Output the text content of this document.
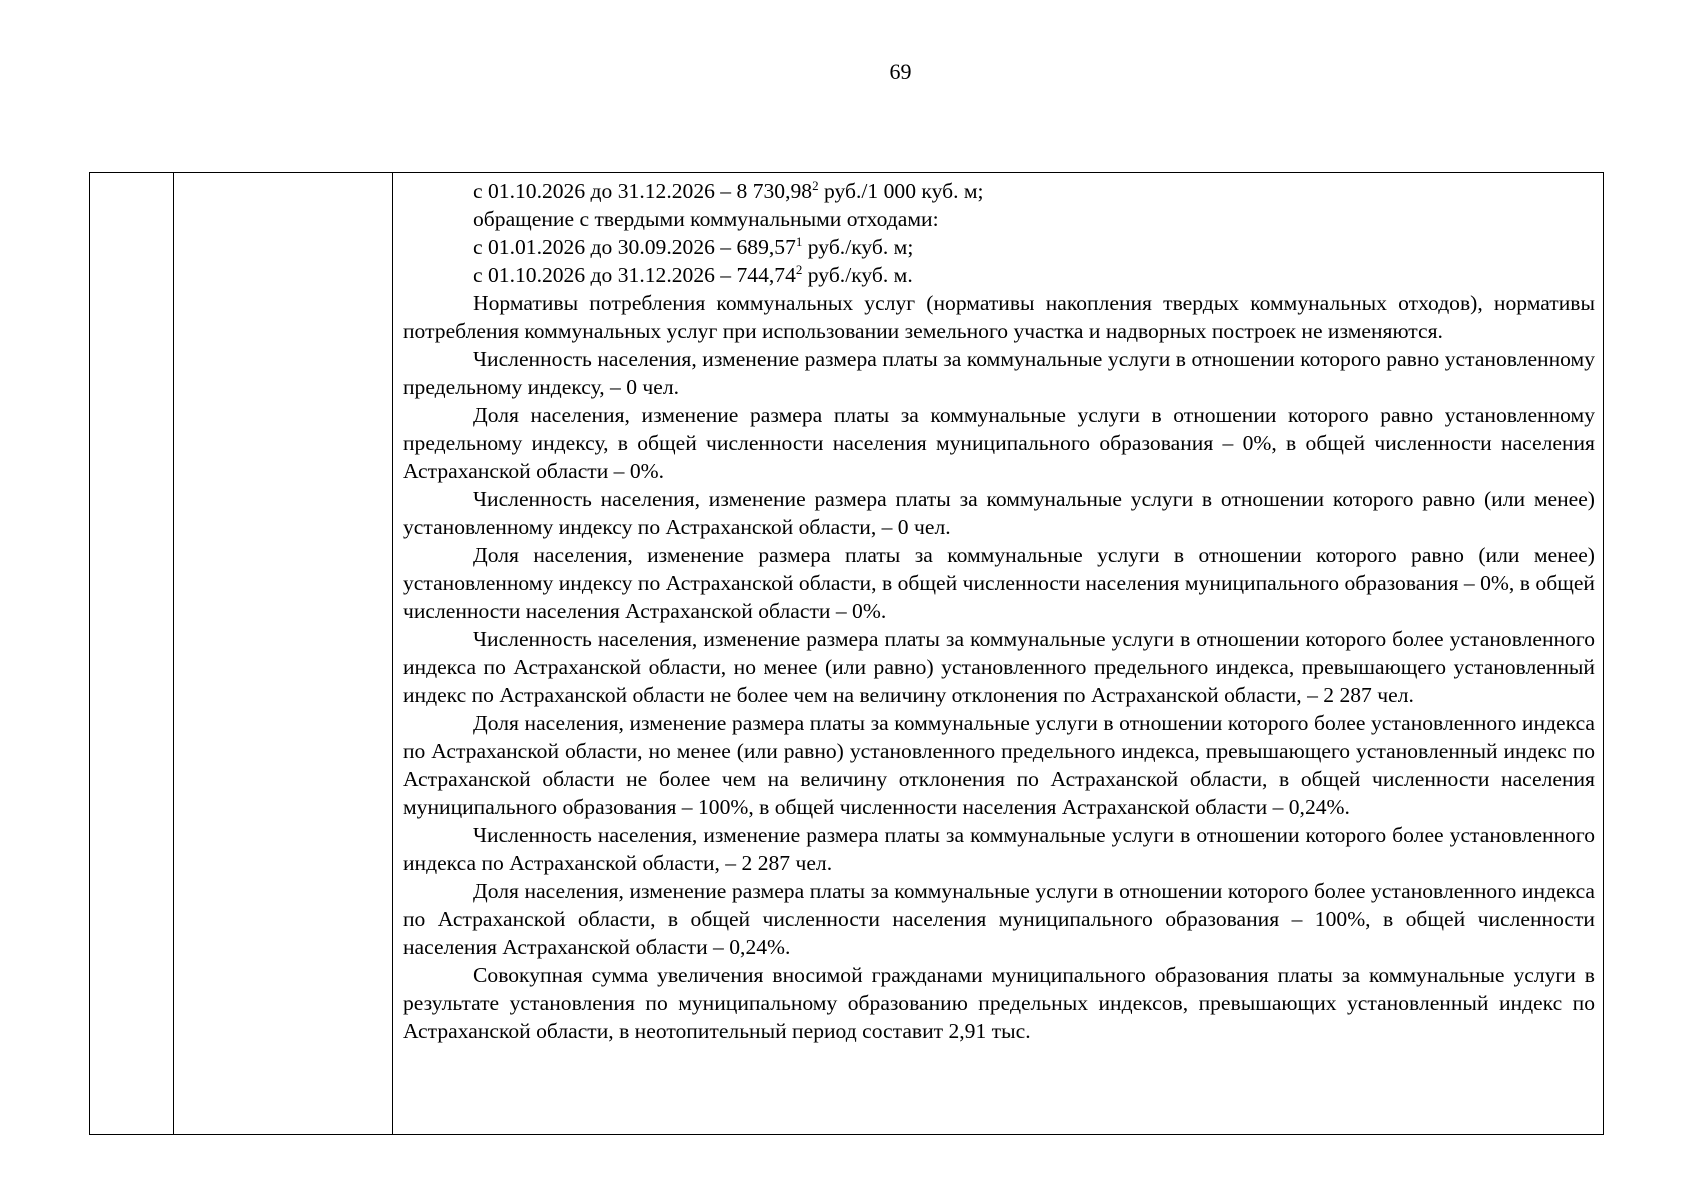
69

с 01.10.2026 до 31.12.2026 – 8 730,98$^2$ руб./1 000 куб. м;

обращение с твердыми коммунальными отходами:

с 01.01.2026 до 30.09.2026 – 689,57$^1$ руб./куб. м;

с 01.10.2026 до 31.12.2026 – 744,74$^2$ руб./куб. м.

Нормативы потребления коммунальных услуг (нормативы накопления твердых коммунальных отходов), нормативы потребления коммунальных услуг при использовании земельного участка и надворных построек не изменяются.

Численность населения, изменение размера платы за коммунальные услуги в отношении которого равно установленному предельному индексу, – 0 чел.

Доля населения, изменение размера платы за коммунальные услуги в отношении которого равно установленному предельному индексу, в общей численности населения муниципального образования – 0%, в общей численности населения Астраханской области – 0%.

Численность населения, изменение размера платы за коммунальные услуги в отношении которого равно (или менее) установленному индексу по Астраханской области, – 0 чел.

Доля населения, изменение размера платы за коммунальные услуги в отношении которого равно (или менее) установленному индексу по Астраханской области, в общей численности населения муниципального образования – 0%, в общей численности населения Астраханской области – 0%.

Численность населения, изменение размера платы за коммунальные услуги в отношении которого более установленного индекса по Астраханской области, но менее (или равно) установленного предельного индекса, превышающего установленный индекс по Астраханской области не более чем на величину отклонения по Астраханской области, – 2 287 чел.

Доля населения, изменение размера платы за коммунальные услуги в отношении которого более установленного индекса по Астраханской области, но менее (или равно) установленного предельного индекса, превышающего установленный индекс по Астраханской области не более чем на величину отклонения по Астраханской области, в общей численности населения муниципального образования – 100%, в общей численности населения Астраханской области – 0,24%.

Численность населения, изменение размера платы за коммунальные услуги в отношении которого более установленного индекса по Астраханской области, – 2 287 чел.

Доля населения, изменение размера платы за коммунальные услуги в отношении которого более установленного индекса по Астраханской области, в общей численности населения муниципального образования – 100%, в общей численности населения Астраханской области – 0,24%.

Совокупная сумма увеличения вносимой гражданами муниципального образования платы за коммунальные услуги в результате установления по муниципальному образованию предельных индексов, превышающих установленный индекс по Астраханской области, в неотопительный период составит 2,91 тыс.
